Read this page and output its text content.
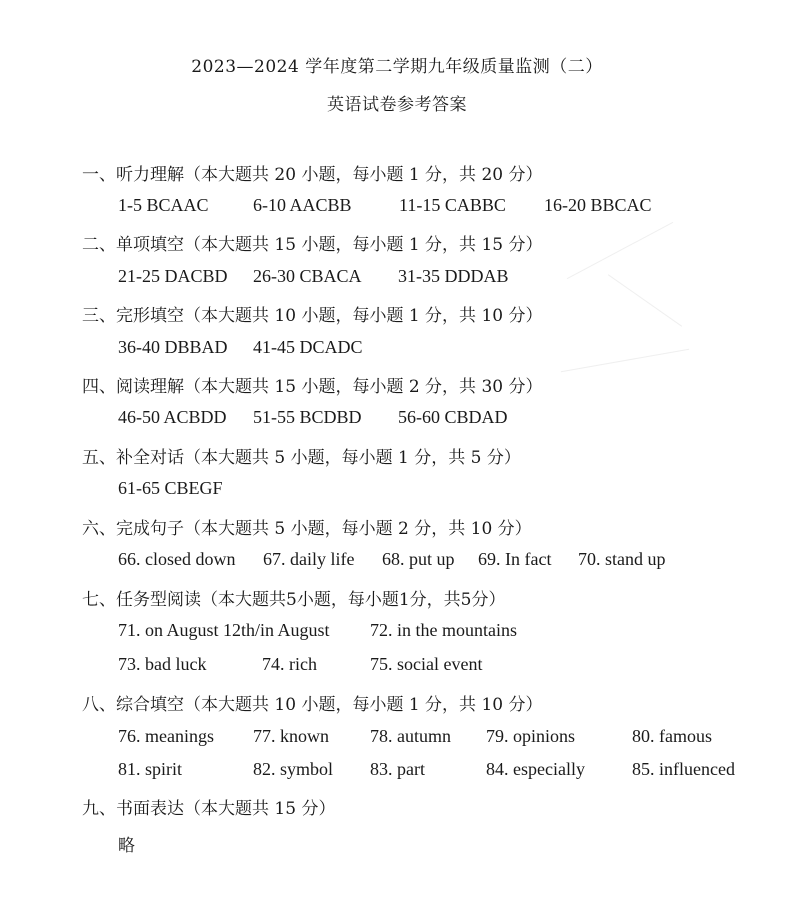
2023—2024 学年度第二学期九年级质量监测（二）
英语试卷参考答案
一、听力理解（本大题共 20 小题，每小题 1 分，共 20 分）
1-5 BCAAC 6-10 AACBB	11-15 CABBC 16-20 BBCAC
二、单项填空（本大题共 15 小题，每小题 1 分，共 15 分）
21-25 DACBD 26-30 CBACA 31-35 DDDAB
三、完形填空（本大题共 10 小题，每小题 1 分，共 10 分）
36-40 DBBAD 41-45 DCADC
四、阅读理解（本大题共 15 小题，每小题 2 分，共 30 分）
46-50 ACBDD 51-55 BCDBD 56-60 CBDAD
五、补全对话（本大题共 5 小题，每小题 1 分，共 5 分）
61-65 CBEGF
六、完成句子（本大题共 5 小题，每小题 2 分，共 10 分）
66. closed down 67. daily life 68. put up 69. In fact 70. stand up
七、任务型阅读（本大题共5小题，每小题1分，共5分）
71. on August 12th/in August 72. in the mountains
73. bad luck	74. rich	75. social event
八、综合填空（本大题共 10 小题，每小题 1 分，共 10 分）
76. meanings 77. known 78. autumn 79. opinions	80. famous
81. spirit	82. symbol 83. part	84. especially	85. influenced
九、书面表达（本大题共 15 分）
略
